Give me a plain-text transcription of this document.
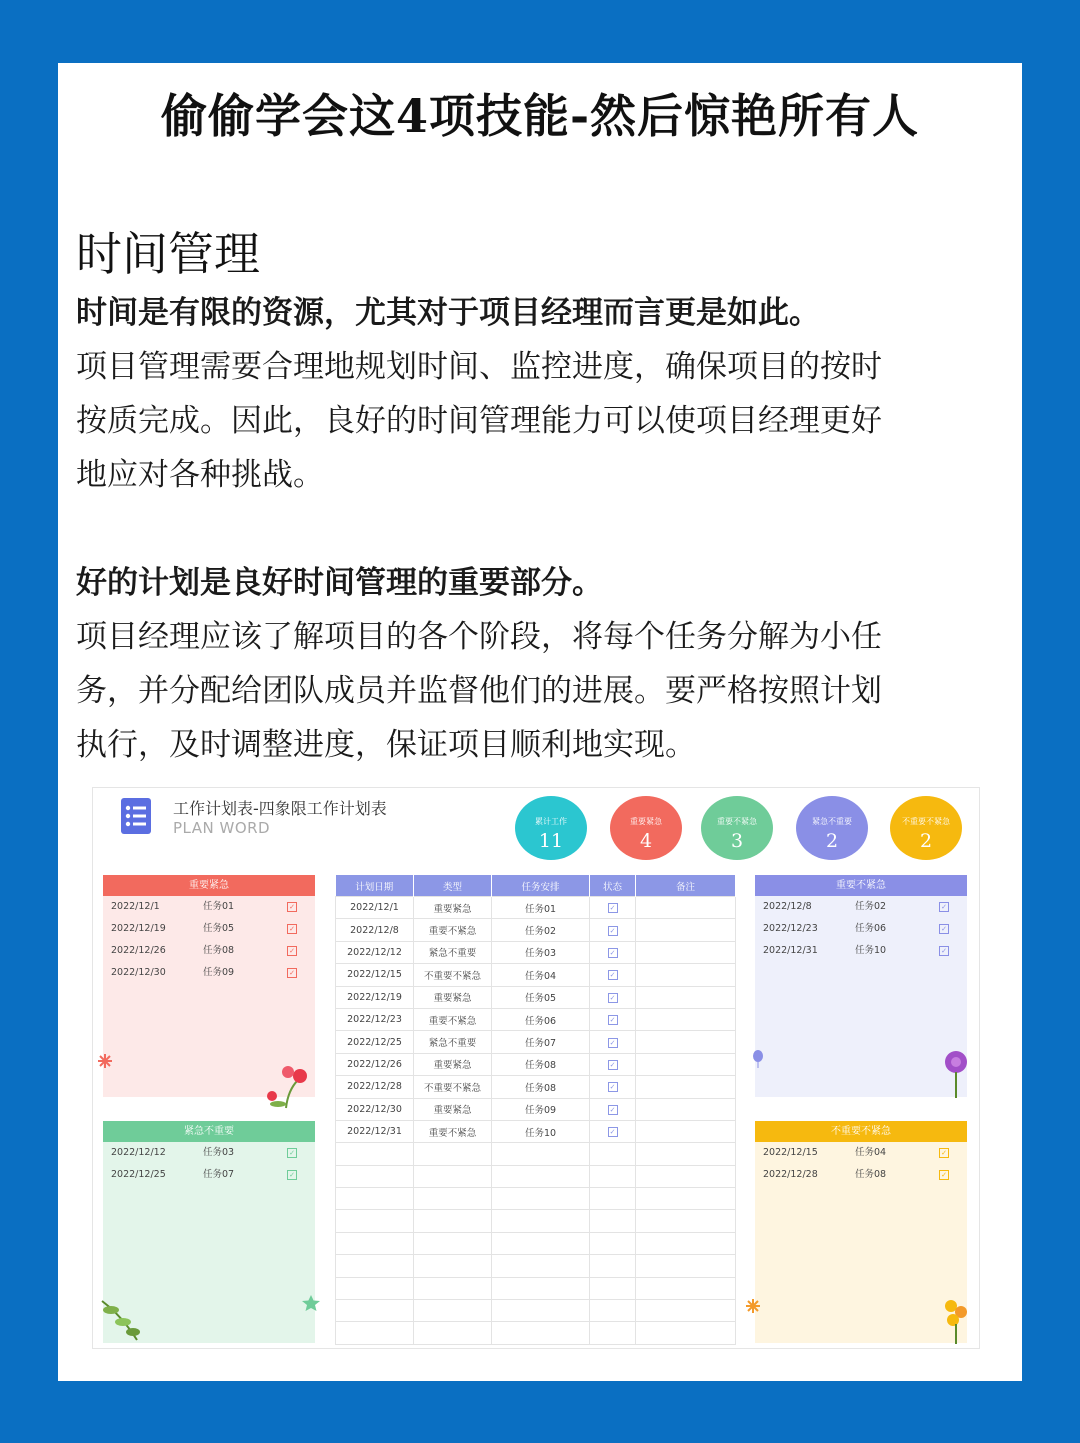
偷偷学会这4项技能-然后惊艳所有人
时间管理

时间是有限的资源，尤其对于项目经理而言更是如此。

项目管理需要合理地规划时间、监控进度，确保项目的按时

按质完成。因此，良好的时间管理能力可以使项目经理更好

地应对各种挑战。

好的计划是良好时间管理的重要部分。

项目经理应该了解项目的各个阶段，将每个任务分解为小任

务，并分配给团队成员并监督他们的进展。要严格按照计划

执行，及时调整进度，保证项目顺利地实现。

工作计划表-四象限工作计划表
PLAN WORD	累计工作
11
重要紧急
4
重要不紧急
3
紧急不重要
2
不重要不紧急
2
重要紧急
2022/12/1	任务01	✓
2022/12/19	任务05	✓
2022/12/26	任务08	✓
2022/12/30	任务09	✓
紧急不重要
2022/12/12	任务03	✓
2022/12/25	任务07	✓
重要不紧急
2022/12/8	任务02	✓
2022/12/23	任务06	✓
2022/12/31	任务10	✓
不重要不紧急
2022/12/15	任务04	✓
2022/12/28	任务08	✓
计划日期	类型	任务安排	状态	备注
2022/12/1	重要紧急	任务01	✓	
2022/12/8	重要不紧急	任务02	✓	
2022/12/12	紧急不重要	任务03	✓	
2022/12/15	不重要不紧急	任务04	✓	
2022/12/19	重要紧急	任务05	✓	
2022/12/23	重要不紧急	任务06	✓	
2022/12/25	紧急不重要	任务07	✓	
2022/12/26	重要紧急	任务08	✓	
2022/12/28	不重要不紧急	任务08	✓	
2022/12/30	重要紧急	任务09	✓	
2022/12/31	重要不紧急	任务10	✓	
